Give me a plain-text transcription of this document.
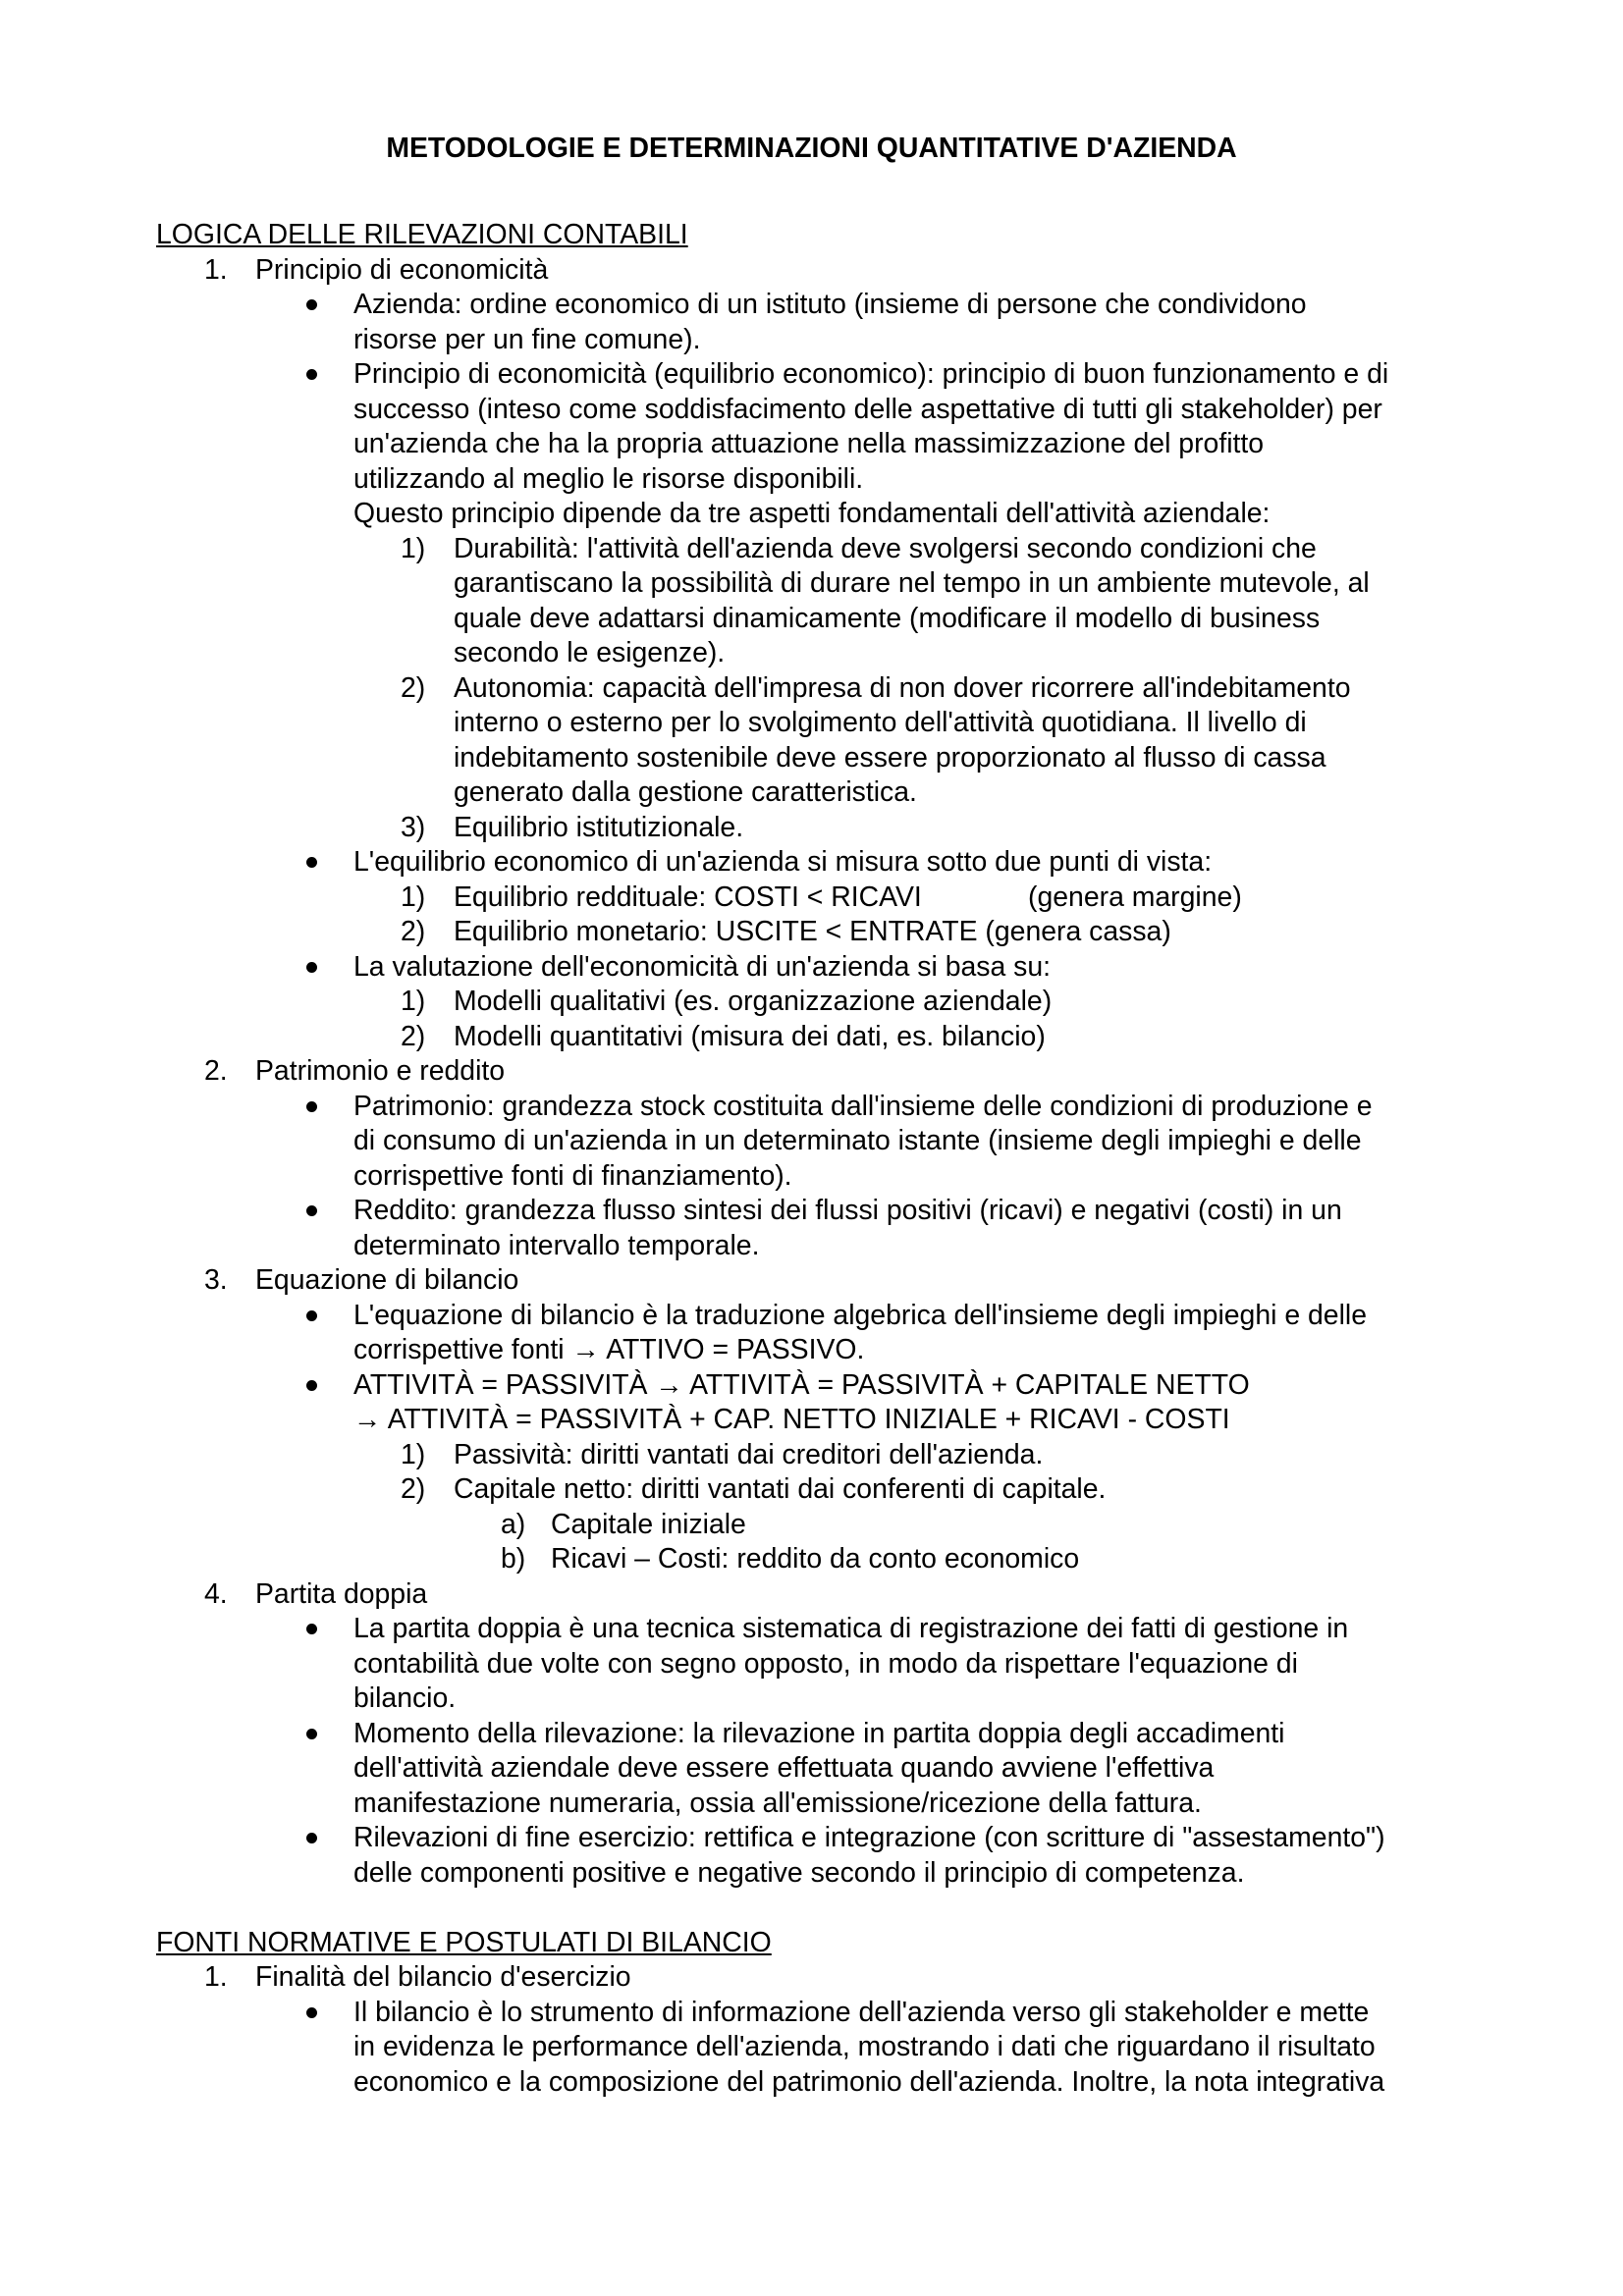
METODOLOGIE E DETERMINAZIONI QUANTITATIVE D'AZIENDA
LOGICA DELLE RILEVAZIONI CONTABILI
1. Principio di economicità
Azienda: ordine economico di un istituto (insieme di persone che condividono
risorse per un fine comune).
Principio di economicità (equilibrio economico): principio di buon funzionamento e di
successo (inteso come soddisfacimento delle aspettative di tutti gli stakeholder) per
un'azienda che ha la propria attuazione nella massimizzazione del profitto
utilizzando al meglio le risorse disponibili.
Questo principio dipende da tre aspetti fondamentali dell'attività aziendale:
1) Durabilità: l'attività dell'azienda deve svolgersi secondo condizioni che
garantiscano la possibilità di durare nel tempo in un ambiente mutevole, al
quale deve adattarsi dinamicamente (modificare il modello di business
secondo le esigenze).
2) Autonomia: capacità dell'impresa di non dover ricorrere all'indebitamento
interno o esterno per lo svolgimento dell'attività quotidiana. Il livello di
indebitamento sostenibile deve essere proporzionato al flusso di cassa
generato dalla gestione caratteristica.
3) Equilibrio istitutizionale.
L'equilibrio economico di un'azienda si misura sotto due punti di vista:
1) Equilibrio reddituale: COSTI < RICAVI	(genera margine)
2) Equilibrio monetario: USCITE < ENTRATE (genera cassa)
La valutazione dell'economicità di un'azienda si basa su:
1) Modelli qualitativi (es. organizzazione aziendale)
2) Modelli quantitativi (misura dei dati, es. bilancio)
2. Patrimonio e reddito
Patrimonio: grandezza stock costituita dall'insieme delle condizioni di produzione e
di consumo di un'azienda in un determinato istante (insieme degli impieghi e delle
corrispettive fonti di finanziamento).
Reddito: grandezza flusso sintesi dei flussi positivi (ricavi) e negativi (costi) in un
determinato intervallo temporale.
3. Equazione di bilancio
L'equazione di bilancio è la traduzione algebrica dell'insieme degli impieghi e delle
corrispettive fonti → ATTIVO = PASSIVO.
ATTIVITÀ = PASSIVITÀ → ATTIVITÀ = PASSIVITÀ + CAPITALE NETTO
→ ATTIVITÀ = PASSIVITÀ + CAP. NETTO INIZIALE + RICAVI - COSTI
1) Passività: diritti vantati dai creditori dell'azienda.
2) Capitale netto: diritti vantati dai conferenti di capitale.
a) Capitale iniziale
b) Ricavi – Costi: reddito da conto economico
4. Partita doppia
La partita doppia è una tecnica sistematica di registrazione dei fatti di gestione in
contabilità due volte con segno opposto, in modo da rispettare l'equazione di
bilancio.
Momento della rilevazione: la rilevazione in partita doppia degli accadimenti
dell'attività aziendale deve essere effettuata quando avviene l'effettiva
manifestazione numeraria, ossia all'emissione/ricezione della fattura.
Rilevazioni di fine esercizio: rettifica e integrazione (con scritture di "assestamento")
delle componenti positive e negative secondo il principio di competenza.
FONTI NORMATIVE E POSTULATI DI BILANCIO
1. Finalità del bilancio d'esercizio
Il bilancio è lo strumento di informazione dell'azienda verso gli stakeholder e mette
in evidenza le performance dell'azienda, mostrando i dati che riguardano il risultato
economico e la composizione del patrimonio dell'azienda. Inoltre, la nota integrativa
